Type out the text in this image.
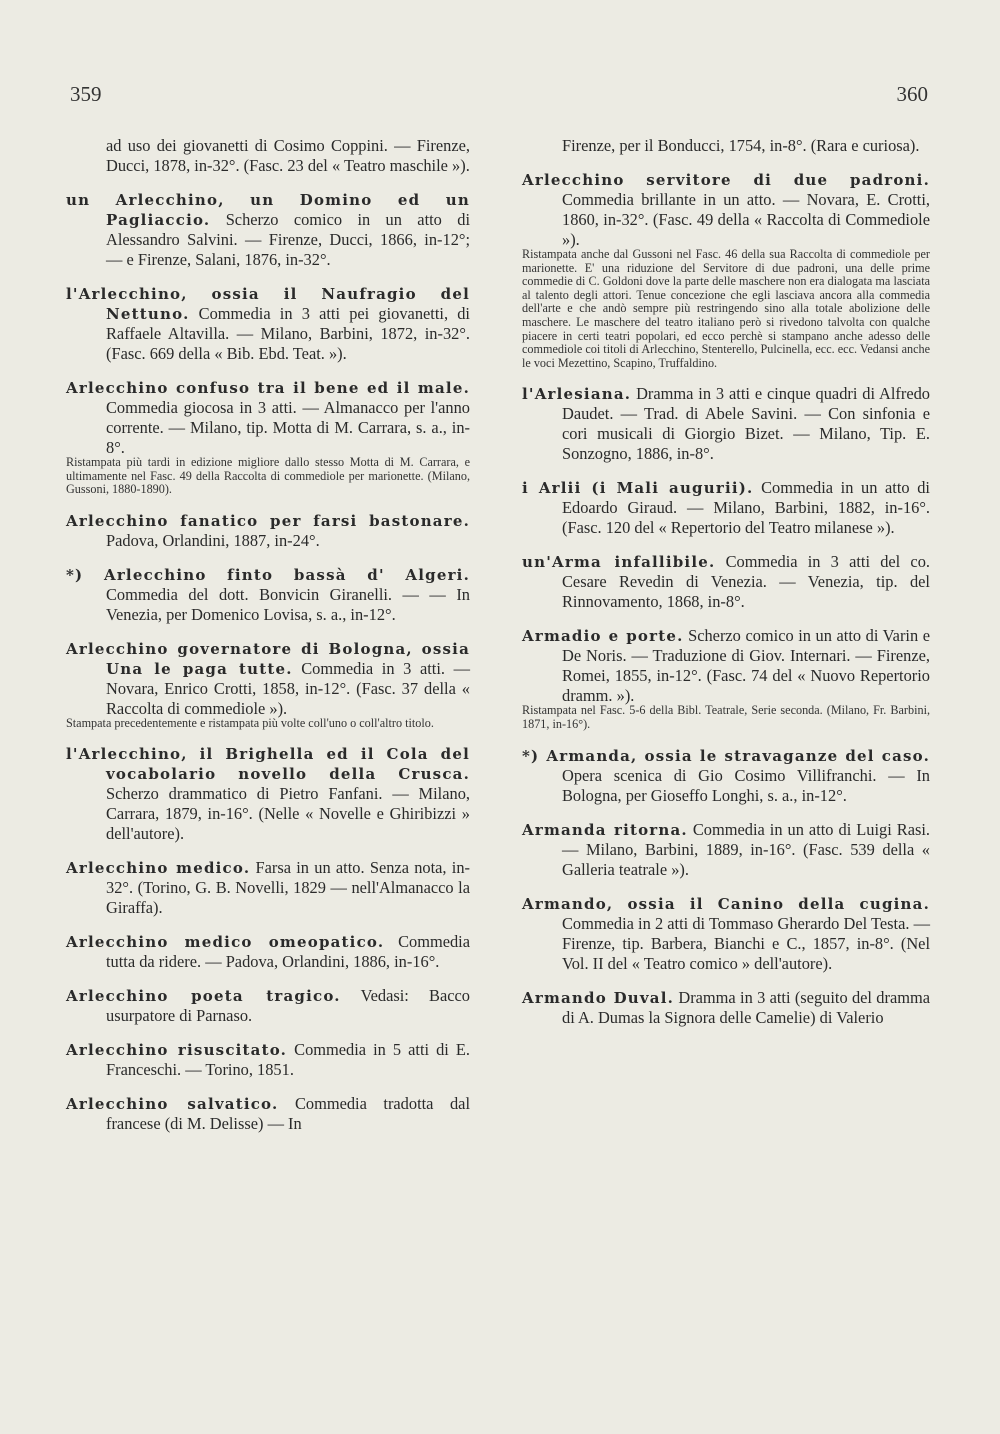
359	360

ad uso dei giovanetti di Cosimo Coppini. — Firenze, Ducci, 1878, in-32°. (Fasc. 23 del « Teatro maschile »).

un Arlecchino, un Domino ed un Pagliaccio. Scherzo comico in un atto di Alessandro Salvini. — Firenze, Ducci, 1866, in-12°; — e Firenze, Salani, 1876, in-32°.

l'Arlecchino, ossia il Naufragio del Nettuno. Commedia in 3 atti pei giovanetti, di Raffaele Altavilla. — Milano, Barbini, 1872, in-32°. (Fasc. 669 della « Bib. Ebd. Teat. »).

Arlecchino confuso tra il bene ed il male. Commedia giocosa in 3 atti. — Almanacco per l'anno corrente. — Milano, tip. Motta di M. Carrara, s. a., in-8°.

Ristampata più tardi in edizione migliore dallo stesso Motta di M. Carrara, e ultimamente nel Fasc. 49 della Raccolta di commediole per marionette. (Milano, Gussoni, 1880-1890).

Arlecchino fanatico per farsi bastonare. Padova, Orlandini, 1887, in-24°.

*) Arlecchino finto bassà d' Algeri. Commedia del dott. Bonvicin Giranelli. — — In Venezia, per Domenico Lovisa, s. a., in-12°.

Arlecchino governatore di Bologna, ossia Una le paga tutte. Commedia in 3 atti. — Novara, Enrico Crotti, 1858, in-12°. (Fasc. 37 della « Raccolta di commediole »).

Stampata precedentemente e ristampata più volte coll'uno o coll'altro titolo.

l'Arlecchino, il Brighella ed il Cola del vocabolario novello della Crusca. Scherzo drammatico di Pietro Fanfani. — Milano, Carrara, 1879, in-16°. (Nelle « Novelle e Ghiribizzi » dell'autore).

Arlecchino medico. Farsa in un atto. Senza nota, in-32°. (Torino, G. B. Novelli, 1829 — nell'Almanacco la Giraffa).

Arlecchino medico omeopatico. Commedia tutta da ridere. — Padova, Orlandini, 1886, in-16°.

Arlecchino poeta tragico. Vedasi: Bacco usurpatore di Parnaso.

Arlecchino risuscitato. Commedia in 5 atti di E. Franceschi. — Torino, 1851.

Arlecchino salvatico. Commedia tradotta dal francese (di M. Delisse) — In

Firenze, per il Bonducci, 1754, in-8°. (Rara e curiosa).

Arlecchino servitore di due padroni. Commedia brillante in un atto. — Novara, E. Crotti, 1860, in-32°. (Fasc. 49 della « Raccolta di Commediole »).

Ristampata anche dal Gussoni nel Fasc. 46 della sua Raccolta di commediole per marionette. E' una riduzione del Servitore di due padroni, una delle prime commedie di C. Goldoni dove la parte delle maschere non era dialogata ma lasciata al talento degli attori. Tenue concezione che egli lasciava ancora alla commedia dell'arte e che andò sempre più restringendo sino alla totale abolizione delle maschere. Le maschere del teatro italiano però si rivedono talvolta con qualche piacere in certi teatri popolari, ed ecco perchè si stampano anche adesso delle commediole coi titoli di Arlecchino, Stenterello, Pulcinella, ecc. ecc. Vedansi anche le voci Mezettino, Scapino, Truffaldino.

l'Arlesiana. Dramma in 3 atti e cinque quadri di Alfredo Daudet. — Trad. di Abele Savini. — Con sinfonia e cori musicali di Giorgio Bizet. — Milano, Tip. E. Sonzogno, 1886, in-8°.

i Arlii (i Mali augurii). Commedia in un atto di Edoardo Giraud. — Milano, Barbini, 1882, in-16°. (Fasc. 120 del « Repertorio del Teatro milanese »).

un'Arma infallibile. Commedia in 3 atti del co. Cesare Revedin di Venezia. — Venezia, tip. del Rinnovamento, 1868, in-8°.

Armadio e porte. Scherzo comico in un atto di Varin e De Noris. — Traduzione di Giov. Internari. — Firenze, Romei, 1855, in-12°. (Fasc. 74 del « Nuovo Repertorio dramm. »).

Ristampata nel Fasc. 5-6 della Bibl. Teatrale, Serie seconda. (Milano, Fr. Barbini, 1871, in-16°).

*) Armanda, ossia le stravaganze del caso. Opera scenica di Gio Cosimo Villifranchi. — In Bologna, per Gioseffo Longhi, s. a., in-12°.

Armanda ritorna. Commedia in un atto di Luigi Rasi. — Milano, Barbini, 1889, in-16°. (Fasc. 539 della « Galleria teatrale »).

Armando, ossia il Canino della cugina. Commedia in 2 atti di Tommaso Gherardo Del Testa. — Firenze, tip. Barbera, Bianchi e C., 1857, in-8°. (Nel Vol. II del « Teatro comico » dell'autore).

Armando Duval. Dramma in 3 atti (seguito del dramma di A. Dumas la Signora delle Camelie) di Valerio
